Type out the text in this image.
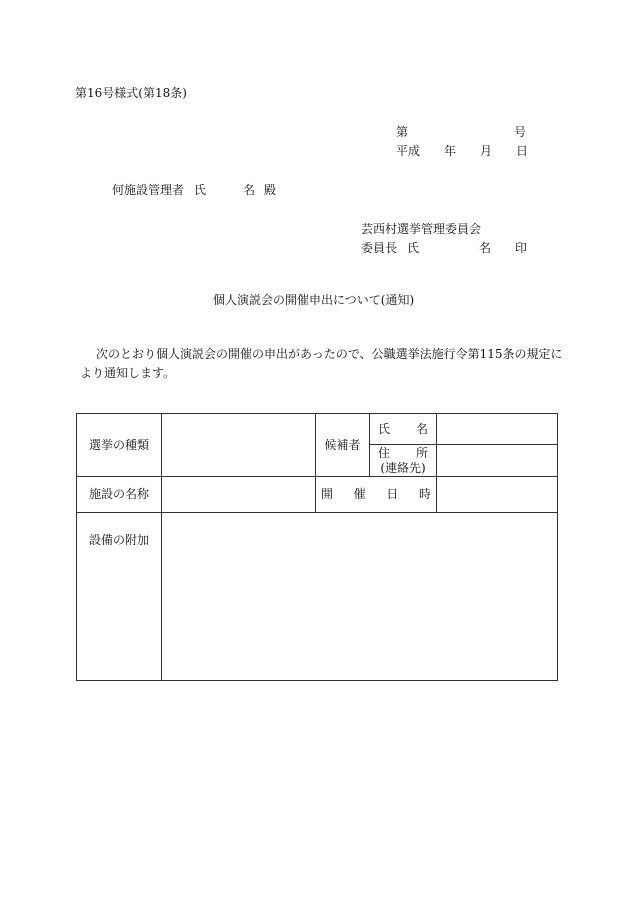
第16号様式(第18条)
第	号
平成 年 月 日
何施設管理者 氏	名 殿
芸西村選挙管理委員会
委員長 氏	名 印
個人演説会の開催申出について(通知)
次のとおり個人演説会の開催の申出があったので、公職選挙法施行令第115条の規定に
より通知します。
選挙の種類		候補者	氏 名	

			住 所
(連絡先)	

施設の名称		開 催 日 時		

設備の附加				
